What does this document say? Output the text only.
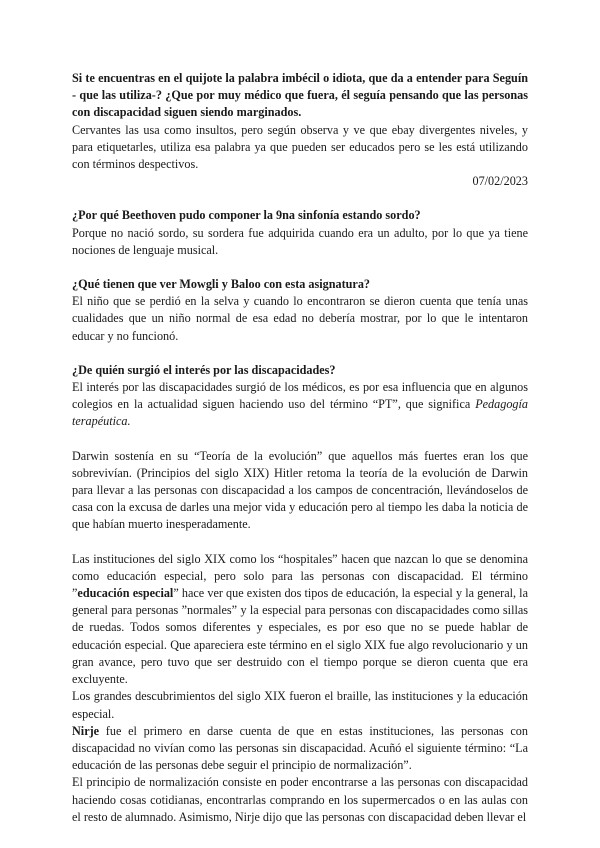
Si te encuentras en el quijote la palabra imbécil o idiota, que da a entender para Seguín - que las utiliza-? ¿Que por muy médico que fuera, él seguía pensando que las personas con discapacidad siguen siendo marginados.

Cervantes las usa como insultos, pero según observa y ve que ebay divergentes niveles, y para etiquetarles, utiliza esa palabra ya que pueden ser educados pero se les está utilizando con términos despectivos.

07/02/2023

¿Por qué Beethoven pudo componer la 9na sinfonía estando sordo?

Porque no nació sordo, su sordera fue adquirida cuando era un adulto, por lo que ya tiene nociones de lenguaje musical.

¿Qué tienen que ver Mowgli y Baloo con esta asignatura?

El niño que se perdió en la selva y cuando lo encontraron se dieron cuenta que tenía unas cualidades que un niño normal de esa edad no debería mostrar, por lo que le intentaron educar y no funcionó.

¿De quién surgió el interés por las discapacidades?

El interés por las discapacidades surgió de los médicos, es por esa influencia que en algunos colegios en la actualidad siguen haciendo uso del término “PT”, que significa Pedagogía terapéutica.

Darwin sostenía en su “Teoría de la evolución” que aquellos más fuertes eran los que sobrevivían. (Principios del siglo XIX) Hitler retoma la teoría de la evolución de Darwin para llevar a las personas con discapacidad a los campos de concentración, llevándoselos de casa con la excusa de darles una mejor vida y educación pero al tiempo les daba la noticia de que habían muerto inesperadamente.

Las instituciones del siglo XIX como los “hospitales” hacen que nazcan lo que se denomina como educación especial, pero solo para las personas con discapacidad. El término ”educación especial” hace ver que existen dos tipos de educación, la especial y la general, la general para personas ”normales” y la especial para personas con discapacidades como sillas de ruedas. Todos somos diferentes y especiales, es por eso que no se puede hablar de educación especial. Que apareciera este término en el siglo XIX fue algo revolucionario y un gran avance, pero tuvo que ser destruido con el tiempo porque se dieron cuenta que era excluyente.

Los grandes descubrimientos del siglo XIX fueron el braille, las instituciones y la educación especial.

Nirje fue el primero en darse cuenta de que en estas instituciones, las personas con discapacidad no vivían como las personas sin discapacidad. Acuñó el siguiente término: “La educación de las personas debe seguir el principio de normalización”.

El principio de normalización consiste en poder encontrarse a las personas con discapacidad haciendo cosas cotidianas, encontrarlas comprando en los supermercados o en las aulas con el resto de alumnado. Asimismo, Nirje dijo que las personas con discapacidad deben llevar el
